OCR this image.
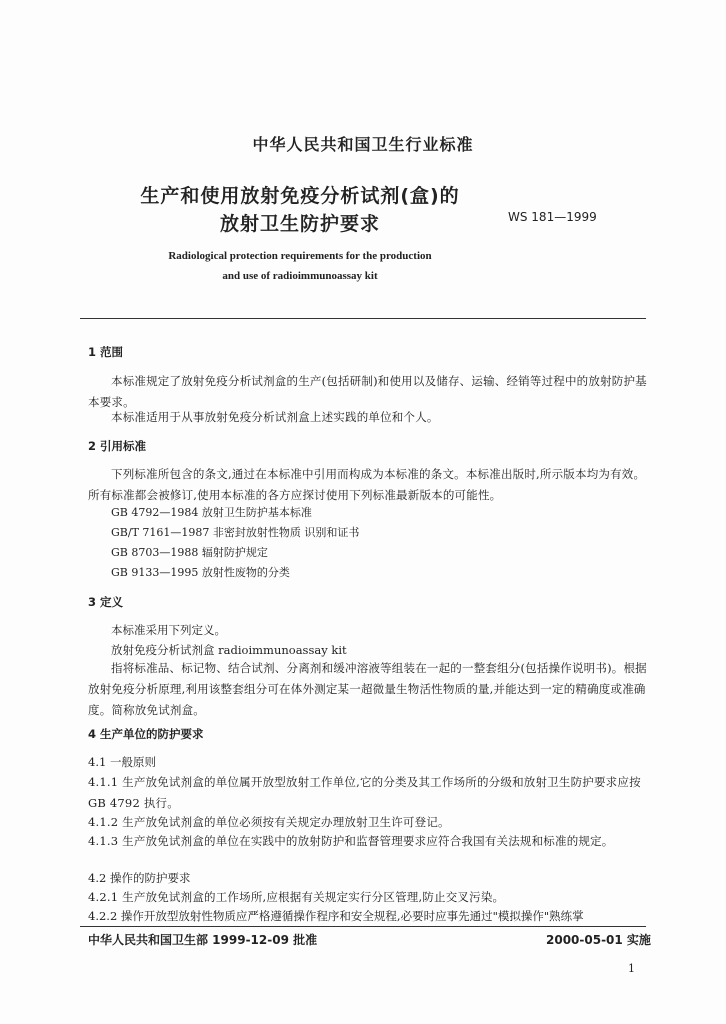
中华人民共和国卫生行业标准
生产和使用放射免疫分析试剂(盒)的
放射卫生防护要求	WS 181—1999
Radiological protection requirements for the production
and use of radioimmunoassay kit
1 范围
本标准规定了放射免疫分析试剂盒的生产(包括研制)和使用以及储存、运输、经销等过程中的放射防护基本要求。
本标准适用于从事放射免疫分析试剂盒上述实践的单位和个人。
2 引用标准
下列标准所包含的条文,通过在本标准中引用而构成为本标准的条文。本标准出版时,所示版本均为有效。所有标准都会被修订,使用本标准的各方应探讨使用下列标准最新版本的可能性。
GB 4792—1984 放射卫生防护基本标准
GB/T 7161—1987 非密封放射性物质 识别和证书
GB 8703—1988 辐射防护规定
GB 9133—1995 放射性废物的分类
3 定义
本标准采用下列定义。
放射免疫分析试剂盒 radioimmunoassay kit
指将标准品、标记物、结合试剂、分离剂和缓冲溶液等组装在一起的一整套组分(包括操作说明书)。根据放射免疫分析原理,利用该整套组分可在体外测定某一超微量生物活性物质的量,并能达到一定的精确度或准确度。简称放免试剂盒。
4 生产单位的防护要求
4.1 一般原则
4.1.1 生产放免试剂盒的单位属开放型放射工作单位,它的分类及其工作场所的分级和放射卫生防护要求应按 GB 4792 执行。
4.1.2 生产放免试剂盒的单位必须按有关规定办理放射卫生许可登记。
4.1.3 生产放免试剂盒的单位在实践中的放射防护和监督管理要求应符合我国有关法规和标准的规定。
4.2 操作的防护要求
4.2.1 生产放免试剂盒的工作场所,应根据有关规定实行分区管理,防止交叉污染。
4.2.2 操作开放型放射性物质应严格遵循操作程序和安全规程,必要时应事先通过"模拟操作"熟练掌
中华人民共和国卫生部 1999-12-09 批准	2000-05-01 实施
1
